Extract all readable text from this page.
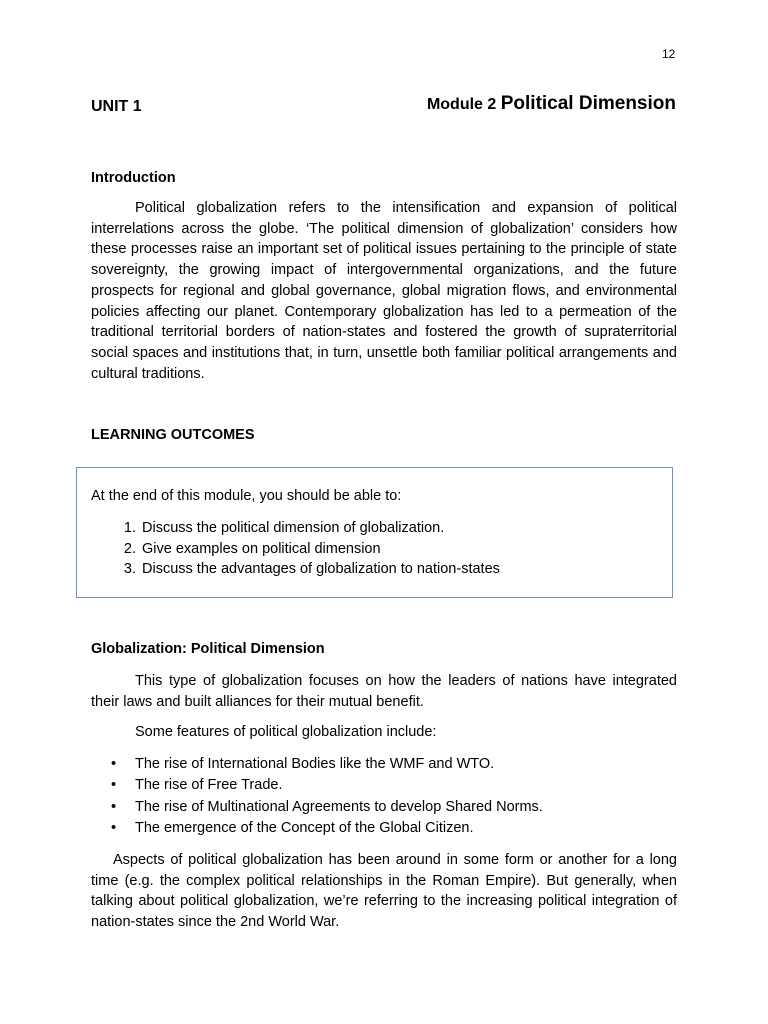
12
UNIT 1	Module 2 Political Dimension
Introduction

Political globalization refers to the intensification and expansion of political interrelations across the globe. ‘The political dimension of globalization’ considers how these processes raise an important set of political issues pertaining to the principle of state sovereignty, the growing impact of intergovernmental organizations, and the future prospects for regional and global governance, global migration flows, and environmental policies affecting our planet. Contemporary globalization has led to a permeation of the traditional territorial borders of nation-states and fostered the growth of supraterritorial social spaces and institutions that, in turn, unsettle both familiar political arrangements and cultural traditions.

LEARNING OUTCOMES

At the end of this module, you should be able to:

1. Discuss the political dimension of globalization.
2. Give examples on political dimension
3. Discuss the advantages of globalization to nation-states
Globalization: Political Dimension

This type of globalization focuses on how the leaders of nations have integrated their laws and built alliances for their mutual benefit.

Some features of political globalization include:

• The rise of International Bodies like the WMF and WTO.
• The rise of Free Trade.
• The rise of Multinational Agreements to develop Shared Norms.
• The emergence of the Concept of the Global Citizen.

Aspects of political globalization has been around in some form or another for a long time (e.g. the complex political relationships in the Roman Empire). But generally, when talking about political globalization, we’re referring to the increasing political integration of nation-states since the 2nd World War.
